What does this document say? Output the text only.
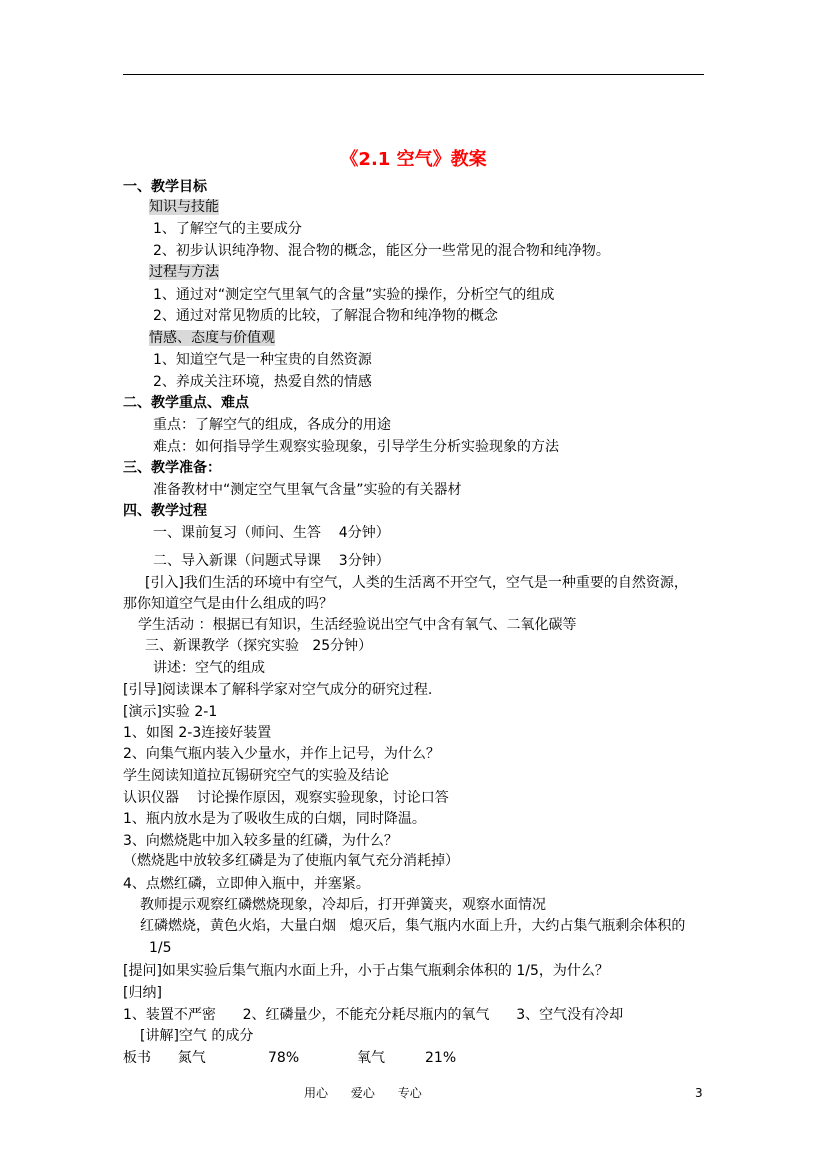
《2.1 空气》教案
一、教学目标
知识与技能
1、了解空气的主要成分
2、初步认识纯净物、混合物的概念，能区分一些常见的混合物和纯净物。
过程与方法
1、通过对“测定空气里氧气的含量”实验的操作，分析空气的组成
2、通过对常见物质的比较，了解混合物和纯净物的概念
情感、态度与价值观
1、知道空气是一种宝贵的自然资源
2、养成关注环境，热爱自然的情感
二、教学重点、难点
重点：了解空气的组成，各成分的用途
难点：如何指导学生观察实验现象，引导学生分析实验现象的方法
三、教学准备：
准备教材中“测定空气里氧气含量”实验的有关器材
四、教学过程
一、课前复习（师问、生答    4分钟）
二、导入新课（问题式导课    3分钟）
[引入]我们生活的环境中有空气，人类的生活离不开空气，空气是一种重要的自然资源，
那你知道空气是由什么组成的吗？
学生活动 ：根据已有知识，生活经验说出空气中含有氧气、二氧化碳等
三、新课教学（探究实验   25分钟）
讲述：空气的组成
[引导]阅读课本了解科学家对空气成分的研究过程.
[演示]实验 2-1
1、如图 2-3连接好装置
2、向集气瓶内装入少量水，并作上记号，为什么？
学生阅读知道拉瓦锡研究空气的实验及结论
认识仪器    讨论操作原因，观察实验现象，讨论口答
1、瓶内放水是为了吸收生成的白烟，同时降温。
3、向燃烧匙中加入较多量的红磷，为什么？
（燃烧匙中放较多红磷是为了使瓶内氧气充分消耗掉）
4、点燃红磷，立即伸入瓶中，并塞紧。
教师提示观察红磷燃烧现象，冷却后，打开弹簧夹，观察水面情况
红磷燃烧，黄色火焰，大量白烟   熄灭后，集气瓶内水面上升，大约占集气瓶剩余体积的
1/5
[提问]如果实验后集气瓶内水面上升，小于占集气瓶剩余体积的 1/5，为什么？
[归纳]
1、装置不严密      2、红磷量少，不能充分耗尽瓶内的氧气      3、空气没有冷却
[讲解]空气 的成分
板书      氮气              78%             氧气         21%
用心      爱心      专心	3
